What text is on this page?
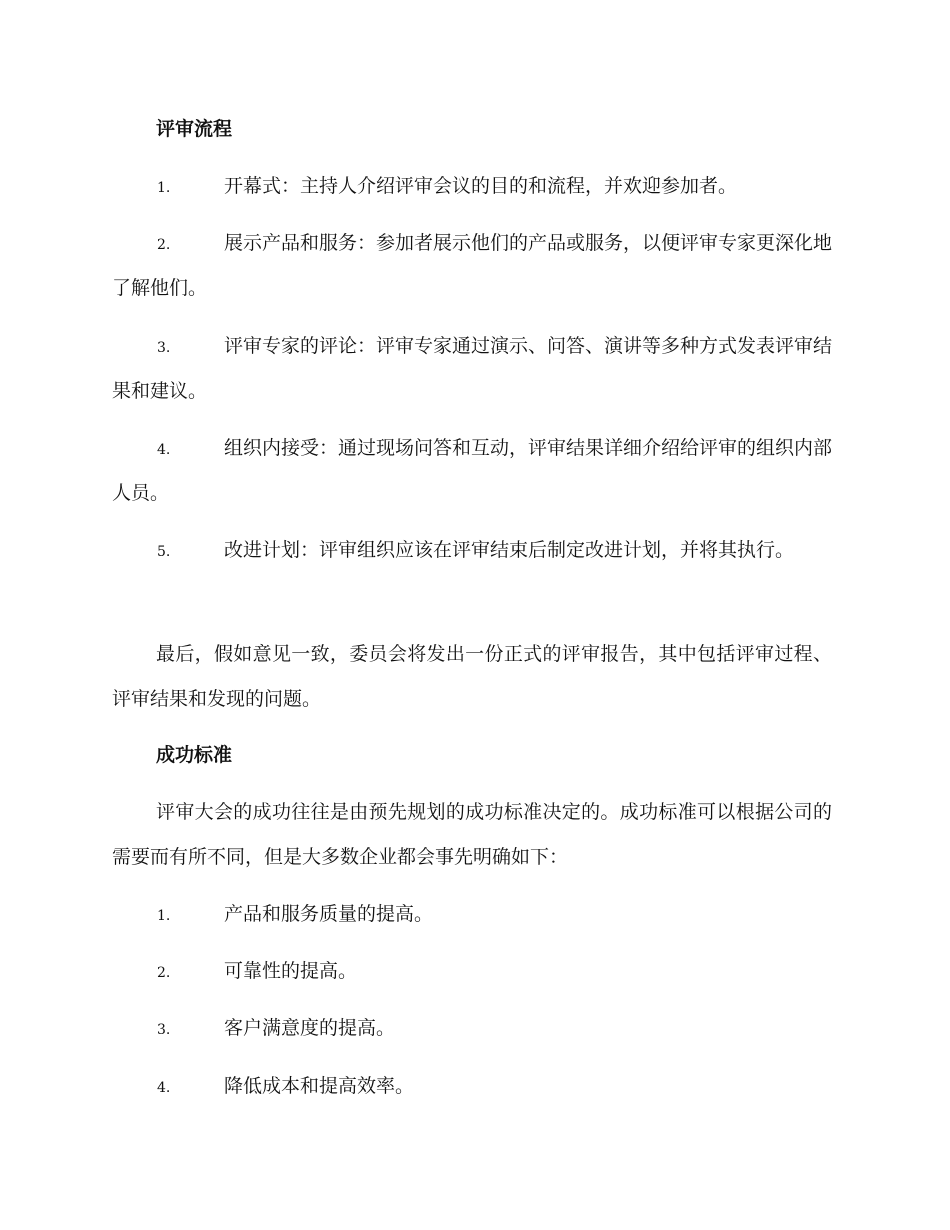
评审流程
1.	开幕式：主持人介绍评审会议的目的和流程，并欢迎参加者。
2.	展示产品和服务：参加者展示他们的产品或服务，以便评审专家更深化地了解他们。
3.	评审专家的评论：评审专家通过演示、问答、演讲等多种方式发表评审结果和建议。
4.	组织内接受：通过现场问答和互动，评审结果详细介绍给评审的组织内部人员。
5.	改进计划：评审组织应该在评审结束后制定改进计划，并将其执行。
最后，假如意见一致，委员会将发出一份正式的评审报告，其中包括评审过程、评审结果和发现的问题。
成功标准
评审大会的成功往往是由预先规划的成功标准决定的。成功标准可以根据公司的需要而有所不同，但是大多数企业都会事先明确如下：
1.	产品和服务质量的提高。
2.	可靠性的提高。
3.	客户满意度的提高。
4.	降低成本和提高效率。
